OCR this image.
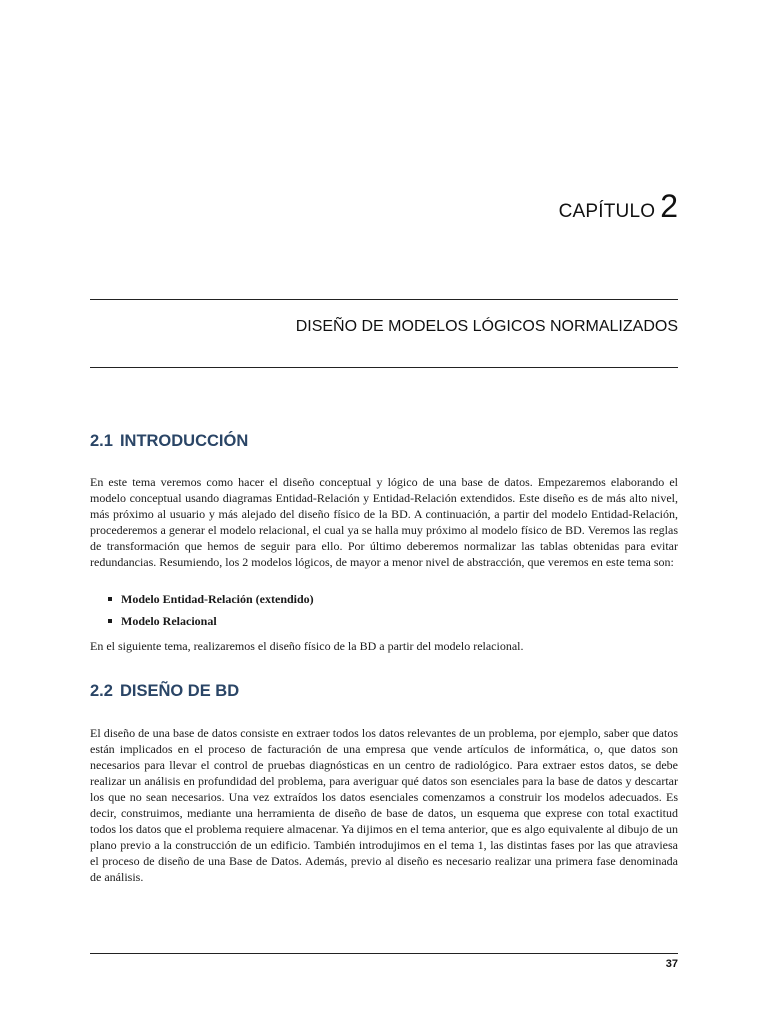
CAPÍTULO 2
DISEÑO DE MODELOS LÓGICOS NORMALIZADOS
2.1 INTRODUCCIÓN

En este tema veremos como hacer el diseño conceptual y lógico de una base de datos. Empezaremos elaborando el modelo conceptual usando diagramas Entidad-Relación y Entidad-Relación extendidos. Este diseño es de más alto nivel, más próximo al usuario y más alejado del diseño físico de la BD. A continuación, a partir del modelo Entidad-Relación, procederemos a generar el modelo relacional, el cual ya se halla muy próximo al modelo físico de BD. Veremos las reglas de transformación que hemos de seguir para ello. Por último deberemos normalizar las tablas obtenidas para evitar redundancias. Resumiendo, los 2 modelos lógicos, de mayor a menor nivel de abstracción, que veremos en este tema son:

Modelo Entidad-Relación (extendido)
Modelo Relacional

En el siguiente tema, realizaremos el diseño físico de la BD a partir del modelo relacional.

2.2 DISEÑO DE BD

El diseño de una base de datos consiste en extraer todos los datos relevantes de un problema, por ejemplo, saber que datos están implicados en el proceso de facturación de una empresa que vende artículos de informática, o, que datos son necesarios para llevar el control de pruebas diagnósticas en un centro de radiológico. Para extraer estos datos, se debe realizar un análisis en profundidad del problema, para averiguar qué datos son esenciales para la base de datos y descartar los que no sean necesarios. Una vez extraídos los datos esenciales comenzamos a construir los modelos adecuados. Es decir, construimos, mediante una herramienta de diseño de base de datos, un esquema que exprese con total exactitud todos los datos que el problema requiere almacenar. Ya dijimos en el tema anterior, que es algo equivalente al dibujo de un plano previo a la construcción de un edificio. También introdujimos en el tema 1, las distintas fases por las que atraviesa el proceso de diseño de una Base de Datos. Además, previo al diseño es necesario realizar una primera fase denominada de análisis.

37
